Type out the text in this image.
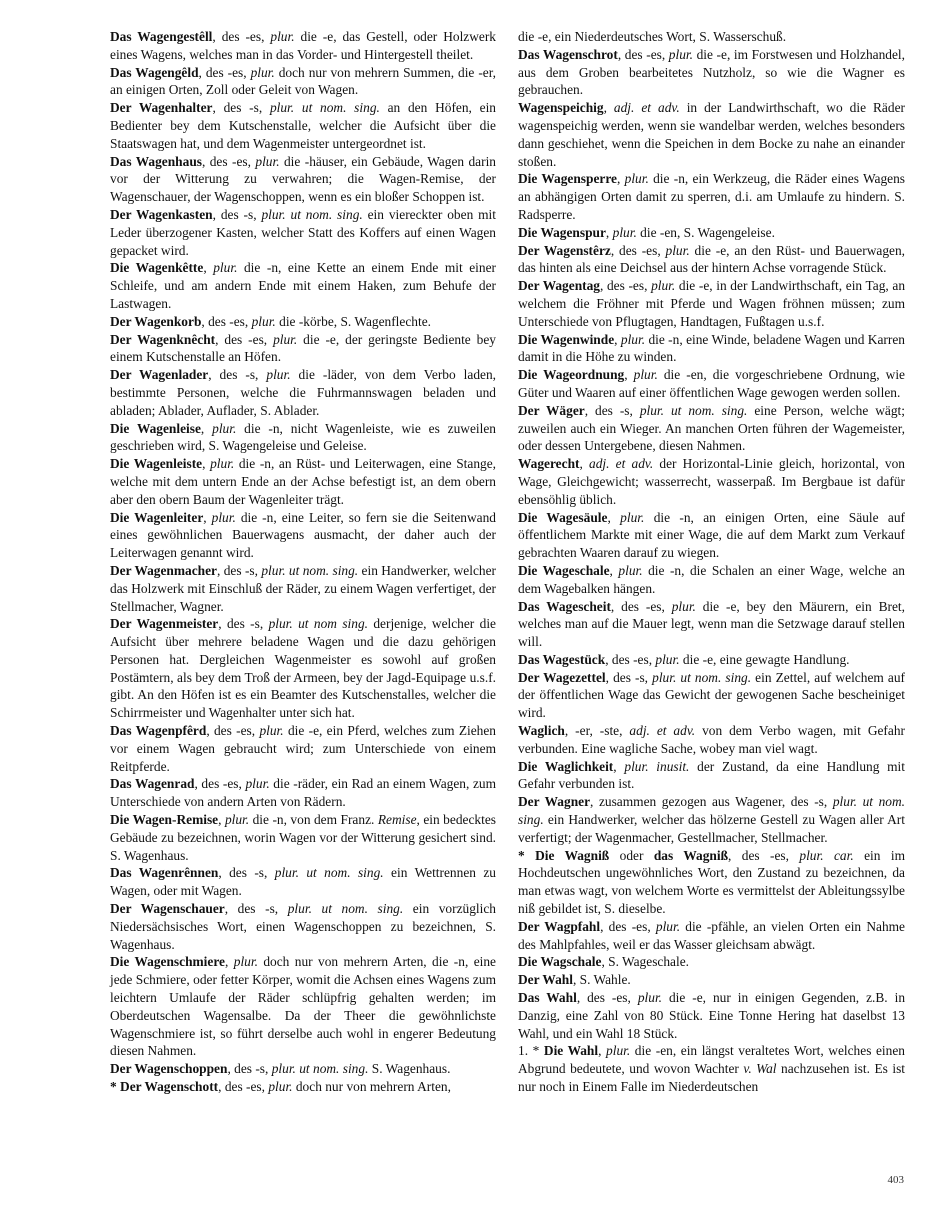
Das Wagengestêll, des -es, plur. die -e, das Gestell, oder Holzwerk eines Wagens, welches man in das Vorder- und Hintergestell theilet.

Das Wagengêld, des -es, plur. doch nur von mehrern Summen, die -er, an einigen Orten, Zoll oder Geleit von Wagen.

Der Wagenhalter, des -s, plur. ut nom. sing. an den Höfen, ein Bedienter bey dem Kutschenstalle, welcher die Aufsicht über die Staatswagen hat, und dem Wagenmeister untergeordnet ist.

Das Wagenhaus, des -es, plur. die -häuser, ein Gebäude, Wagen darin vor der Witterung zu verwahren; die Wagen-Remise, der Wagenschauer, der Wagenschoppen, wenn es ein bloßer Schoppen ist.

Der Wagenkasten, des -s, plur. ut nom. sing. ein viereckter oben mit Leder überzogener Kasten, welcher Statt des Koffers auf einen Wagen gepacket wird.

Die Wagenkêtte, plur. die -n, eine Kette an einem Ende mit einer Schleife, und am andern Ende mit einem Haken, zum Behufe der Lastwagen.

Der Wagenkorb, des -es, plur. die -körbe, S. Wagenflechte.

Der Wagenknêcht, des -es, plur. die -e, der geringste Bediente bey einem Kutschenstalle an Höfen.

Der Wagenlader, des -s, plur. die -läder, von dem Verbo laden, bestimmte Personen, welche die Fuhrmannswagen beladen und abladen; Ablader, Auflader, S. Ablader.

Die Wagenleise, plur. die -n, nicht Wagenleiste, wie es zuweilen geschrieben wird, S. Wagengeleise und Geleise.

Die Wagenleiste, plur. die -n, an Rüst- und Leiterwagen, eine Stange, welche mit dem untern Ende an der Achse befestigt ist, an dem obern aber den obern Baum der Wagenleiter trägt.

Die Wagenleiter, plur. die -n, eine Leiter, so fern sie die Seitenwand eines gewöhnlichen Bauerwagens ausmacht, der daher auch der Leiterwagen genannt wird.

Der Wagenmacher, des -s, plur. ut nom. sing. ein Handwerker, welcher das Holzwerk mit Einschluß der Räder, zu einem Wagen verfertiget, der Stellmacher, Wagner.

Der Wagenmeister, des -s, plur. ut nom sing. derjenige, welcher die Aufsicht über mehrere beladene Wagen und die dazu gehörigen Personen hat. Dergleichen Wagenmeister es sowohl auf großen Postämtern, als bey dem Troß der Armeen, bey der Jagd-Equipage u.s.f. gibt. An den Höfen ist es ein Beamter des Kutschenstalles, welcher die Schirrmeister und Wagenhalter unter sich hat.

Das Wagenpfêrd, des -es, plur. die -e, ein Pferd, welches zum Ziehen vor einem Wagen gebraucht wird; zum Unterschiede von einem Reitpferde.

Das Wagenrad, des -es, plur. die -räder, ein Rad an einem Wagen, zum Unterschiede von andern Arten von Rädern.

Die Wagen-Remise, plur. die -n, von dem Franz. Remise, ein bedecktes Gebäude zu bezeichnen, worin Wagen vor der Witterung gesichert sind. S. Wagenhaus.

Das Wagenrênnen, des -s, plur. ut nom. sing. ein Wettrennen zu Wagen, oder mit Wagen.

Der Wagenschauer, des -s, plur. ut nom. sing. ein vorzüglich Niedersächsisches Wort, einen Wagenschoppen zu bezeichnen, S. Wagenhaus.

Die Wagenschmiere, plur. doch nur von mehrern Arten, die -n, eine jede Schmiere, oder fetter Körper, womit die Achsen eines Wagens zum leichtern Umlaufe der Räder schlüpfrig gehalten werden; im Oberdeutschen Wagensalbe. Da der Theer die gewöhnlichste Wagenschmiere ist, so führt derselbe auch wohl in engerer Bedeutung diesen Nahmen.

Der Wagenschoppen, des -s, plur. ut nom. sing. S. Wagenhaus.

* Der Wagenschott, des -es, plur. doch nur von mehrern Arten,

die -e, ein Niederdeutsches Wort, S. Wasserschuß.

Das Wagenschrot, des -es, plur. die -e, im Forstwesen und Holzhandel, aus dem Groben bearbeitetes Nutzholz, so wie die Wagner es gebrauchen.

Wagenspeichig, adj. et adv. in der Landwirthschaft, wo die Räder wagenspeichig werden, wenn sie wandelbar werden, welches besonders dann geschiehet, wenn die Speichen in dem Bocke zu nahe an einander stoßen.

Die Wagensperre, plur. die -n, ein Werkzeug, die Räder eines Wagens an abhängigen Orten damit zu sperren, d.i. am Umlaufe zu hindern. S. Radsperre.

Die Wagenspur, plur. die -en, S. Wagengeleise.

Der Wagenstêrz, des -es, plur. die -e, an den Rüst- und Bauerwagen, das hinten als eine Deichsel aus der hintern Achse vorragende Stück.

Der Wagentag, des -es, plur. die -e, in der Landwirthschaft, ein Tag, an welchem die Fröhner mit Pferde und Wagen fröhnen müssen; zum Unterschiede von Pflugtagen, Handtagen, Fußtagen u.s.f.

Die Wagenwinde, plur. die -n, eine Winde, beladene Wagen und Karren damit in die Höhe zu winden.

Die Wageordnung, plur. die -en, die vorgeschriebene Ordnung, wie Güter und Waaren auf einer öffentlichen Wage gewogen werden sollen.

Der Wäger, des -s, plur. ut nom. sing. eine Person, welche wägt; zuweilen auch ein Wieger. An manchen Orten führen der Wagemeister, oder dessen Untergebene, diesen Nahmen.

Wagerecht, adj. et adv. der Horizontal-Linie gleich, horizontal, von Wage, Gleichgewicht; wasserrecht, wasserpaß. Im Bergbaue ist dafür ebensöhlig üblich.

Die Wagesäule, plur. die -n, an einigen Orten, eine Säule auf öffentlichem Markte mit einer Wage, die auf dem Markt zum Verkauf gebrachten Waaren darauf zu wiegen.

Die Wageschale, plur. die -n, die Schalen an einer Wage, welche an dem Wagebalken hängen.

Das Wagescheit, des -es, plur. die -e, bey den Mäurern, ein Bret, welches man auf die Mauer legt, wenn man die Setzwage darauf stellen will.

Das Wagestück, des -es, plur. die -e, eine gewagte Handlung.

Der Wagezettel, des -s, plur. ut nom. sing. ein Zettel, auf welchem auf der öffentlichen Wage das Gewicht der gewogenen Sache bescheiniget wird.

Waglich, -er, -ste, adj. et adv. von dem Verbo wagen, mit Gefahr verbunden. Eine wagliche Sache, wobey man viel wagt.

Die Waglichkeit, plur. inusit. der Zustand, da eine Handlung mit Gefahr verbunden ist.

Der Wagner, zusammen gezogen aus Wagener, des -s, plur. ut nom. sing. ein Handwerker, welcher das hölzerne Gestell zu Wagen aller Art verfertigt; der Wagenmacher, Gestellmacher, Stellmacher.

* Die Wagniß oder das Wagniß, des -es, plur. car. ein im Hochdeutschen ungewöhnliches Wort, den Zustand zu bezeichnen, da man etwas wagt, von welchem Worte es vermittelst der Ableitungssylbe niß gebildet ist, S. dieselbe.

Der Wagpfahl, des -es, plur. die -pfähle, an vielen Orten ein Nahme des Mahlpfahles, weil er das Wasser gleichsam abwägt.

Die Wagschale, S. Wageschale.

Der Wahl, S. Wahle.

Das Wahl, des -es, plur. die -e, nur in einigen Gegenden, z.B. in Danzig, eine Zahl von 80 Stück. Eine Tonne Hering hat daselbst 13 Wahl, und ein Wahl 18 Stück.

1. * Die Wahl, plur. die -en, ein längst veraltetes Wort, welches einen Abgrund bedeutete, und wovon Wachter v. Wal nachzusehen ist. Es ist nur noch in Einem Falle im Niederdeutschen

403
